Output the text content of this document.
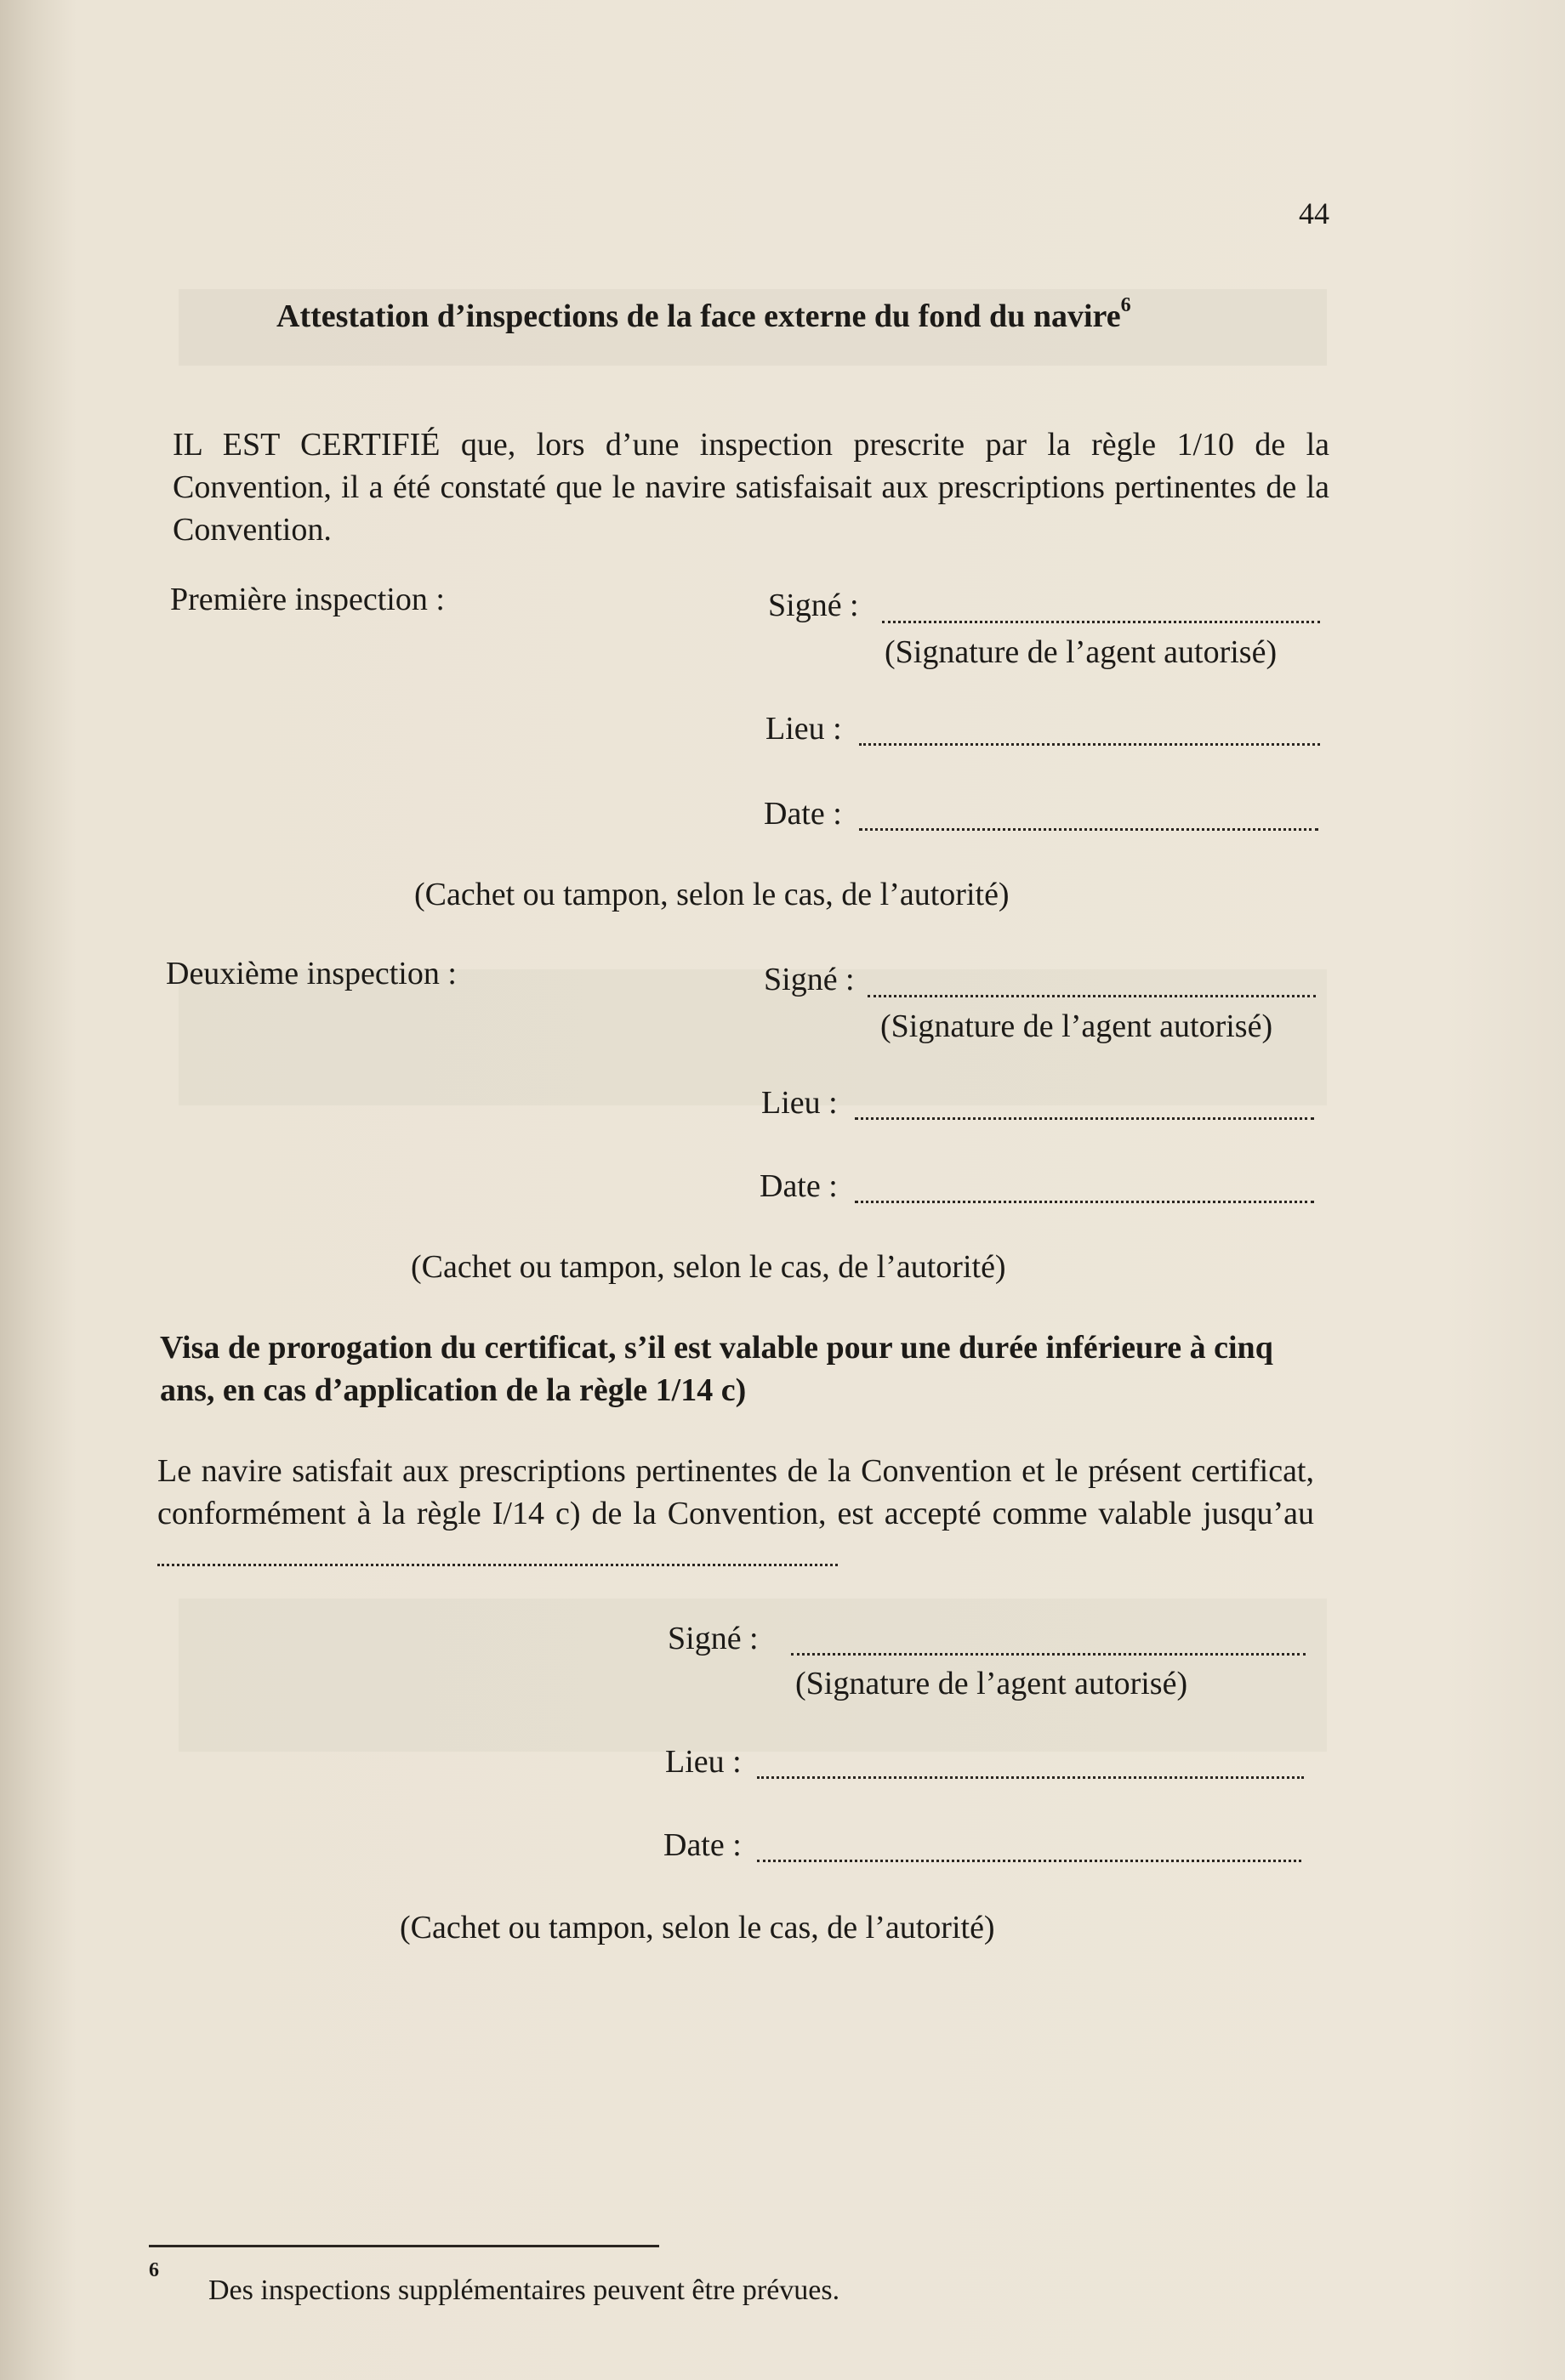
44
Attestation d’inspections de la face externe du fond du navire$^6$
IL EST CERTIFIÉ que, lors d’une inspection prescrite par la règle 1/10 de la Convention, il a été constaté que le navire satisfaisait aux prescriptions pertinentes de la Convention.
Première inspection :	Signé :
(Signature de l’agent autorisé)
Lieu :
Date :
(Cachet ou tampon, selon le cas, de l’autorité)
Deuxième inspection :	Signé :
(Signature de l’agent autorisé)
Lieu :
Date :
(Cachet ou tampon, selon le cas, de l’autorité)
Visa de prorogation du certificat, s’il est valable pour une durée inférieure à cinq ans, en cas d’application de la règle 1/14 c)
Le navire satisfait aux prescriptions pertinentes de la Convention et le présent certificat, conformément à la règle I/14 c) de la Convention, est accepté comme valable jusqu’au
Signé :
(Signature de l’agent autorisé)
Lieu :
Date :
(Cachet ou tampon, selon le cas, de l’autorité)
6
Des inspections supplémentaires peuvent être prévues.
